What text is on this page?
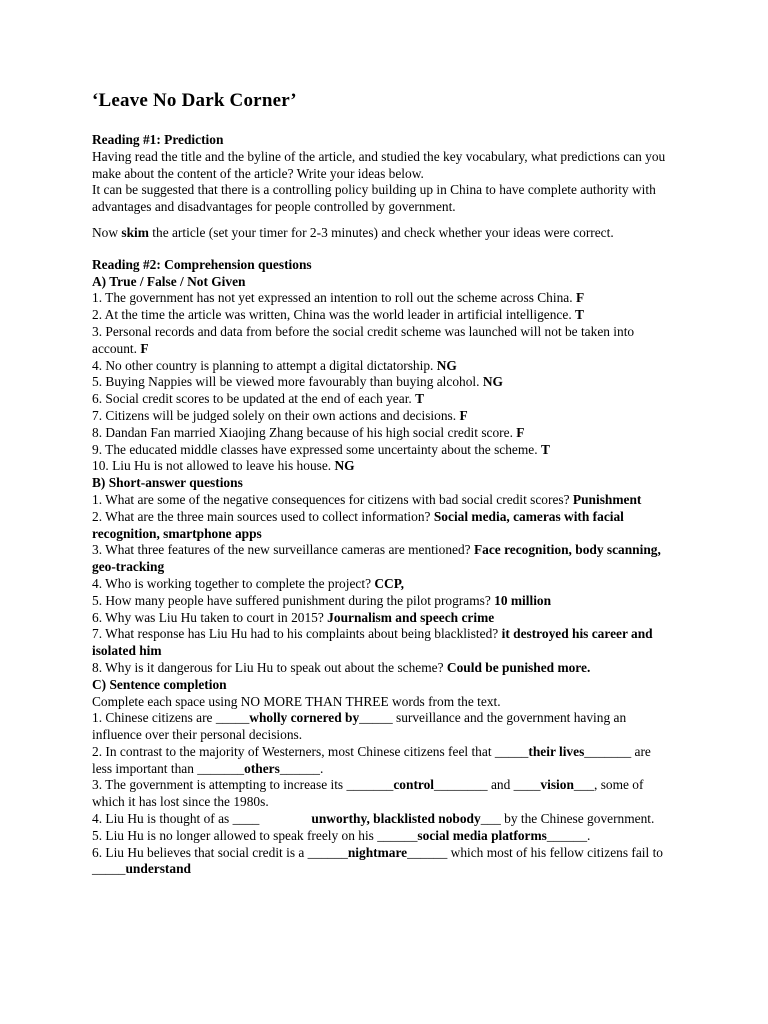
‘Leave No Dark Corner’

Reading #1: Prediction

Having read the title and the byline of the article, and studied the key vocabulary, what predictions can you make about the content of the article? Write your ideas below.

It can be suggested that there is a controlling policy building up in China to have complete authority with advantages and disadvantages for people controlled by government.

Now skim the article (set your timer for 2-3 minutes) and check whether your ideas were correct.

Reading #2: Comprehension questions

A) True / False / Not Given

1. The government has not yet expressed an intention to roll out the scheme across China. F

2. At the time the article was written, China was the world leader in artificial intelligence. T

3. Personal records and data from before the social credit scheme was launched will not be taken into account. F

4. No other country is planning to attempt a digital dictatorship. NG

5. Buying Nappies will be viewed more favourably than buying alcohol. NG

6. Social credit scores to be updated at the end of each year. T

7. Citizens will be judged solely on their own actions and decisions. F

8. Dandan Fan married Xiaojing Zhang because of his high social credit score. F

9. The educated middle classes have expressed some uncertainty about the scheme. T

10. Liu Hu is not allowed to leave his house. NG

B) Short-answer questions

1. What are some of the negative consequences for citizens with bad social credit scores? Punishment

2. What are the three main sources used to collect information? Social media, cameras with facial recognition, smartphone apps

3. What three features of the new surveillance cameras are mentioned? Face recognition, body scanning, geo-tracking

4. Who is working together to complete the project? CCP,

5. How many people have suffered punishment during the pilot programs? 10 million

6. Why was Liu Hu taken to court in 2015? Journalism and speech crime

7. What response has Liu Hu had to his complaints about being blacklisted? it destroyed his career and isolated him

8. Why is it dangerous for Liu Hu to speak out about the scheme? Could be punished more.

C) Sentence completion

Complete each space using NO MORE THAN THREE words from the text.

1. Chinese citizens are _____wholly cornered by_____ surveillance and the government having an influence over their personal decisions.

2. In contrast to the majority of Westerners, most Chinese citizens feel that _____their lives_______ are less important than _______others______.

3. The government is attempting to increase its _______control________ and ____vision___, some of which it has lost since the 1980s.

4. Liu Hu is thought of as ____	unworthy, blacklisted nobody___ by the Chinese government.

5. Liu Hu is no longer allowed to speak freely on his ______social media platforms______.

6. Liu Hu believes that social credit is a ______nightmare______ which most of his fellow citizens fail to _____understand
